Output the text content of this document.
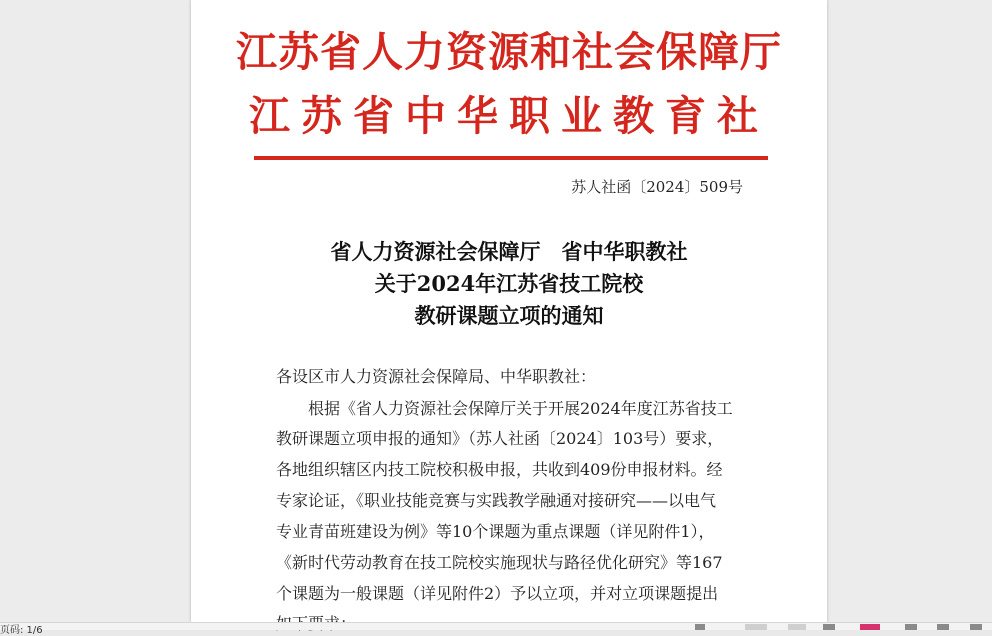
江苏省人力资源和社会保障厅
江苏省中华职业教育社
苏人社函〔2024〕509号
省人力资源社会保障厅　省中华职教社
关于2024年江苏省技工院校
教研课题立项的通知
各设区市人力资源社会保障局、中华职教社：
　　根据《省人力资源社会保障厅关于开展2024年度江苏省技工
教研课题立项申报的通知》（苏人社函〔2024〕103号）要求，
各地组织辖区内技工院校积极申报，共收到409份申报材料。经
专家论证，《职业技能竞赛与实践教学融通对接研究——以电气
专业青苗班建设为例》等10个课题为重点课题（详见附件1），
《新时代劳动教育在技工院校实施现状与路径优化研究》等167
个课题为一般课题（详见附件2）予以立项，并对立项课题提出
页码: 1/6
